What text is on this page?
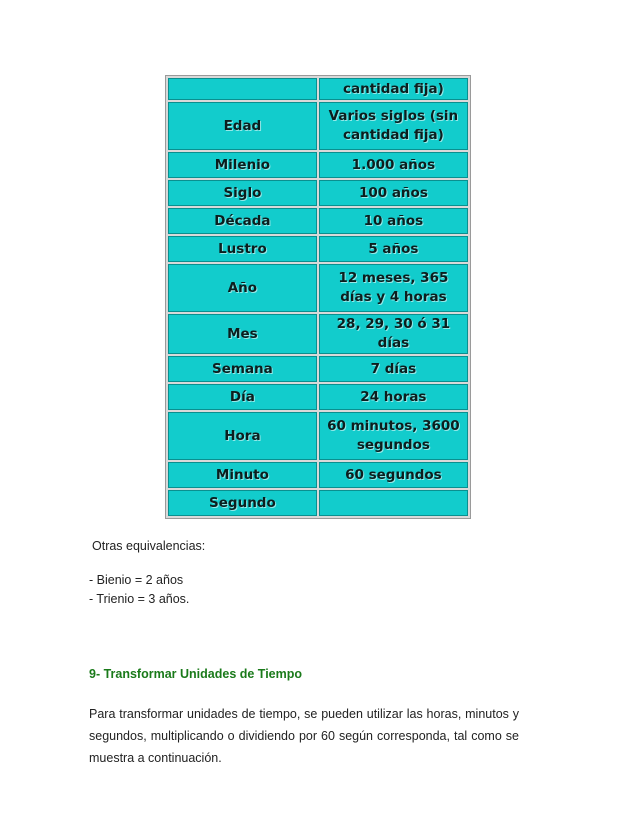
	cantidad fija)
Edad	Varios siglos (sin cantidad fija)
Milenio	1.000 años
Siglo	100 años
Década	10 años
Lustro	5 años
Año	12 meses, 365 días y 4 horas
Mes	28, 29, 30 ó 31 días
Semana	7 días
Día	24 horas
Hora	60 minutos, 3600 segundos
Minuto	60 segundos
Segundo	

Otras equivalencias:

- Bienio = 2 años

- Trienio = 3 años.

9- Transformar Unidades de Tiempo

Para transformar unidades de tiempo, se pueden utilizar las horas, minutos y segundos, multiplicando o dividiendo por 60 según corresponda, tal como se muestra a continuación.
